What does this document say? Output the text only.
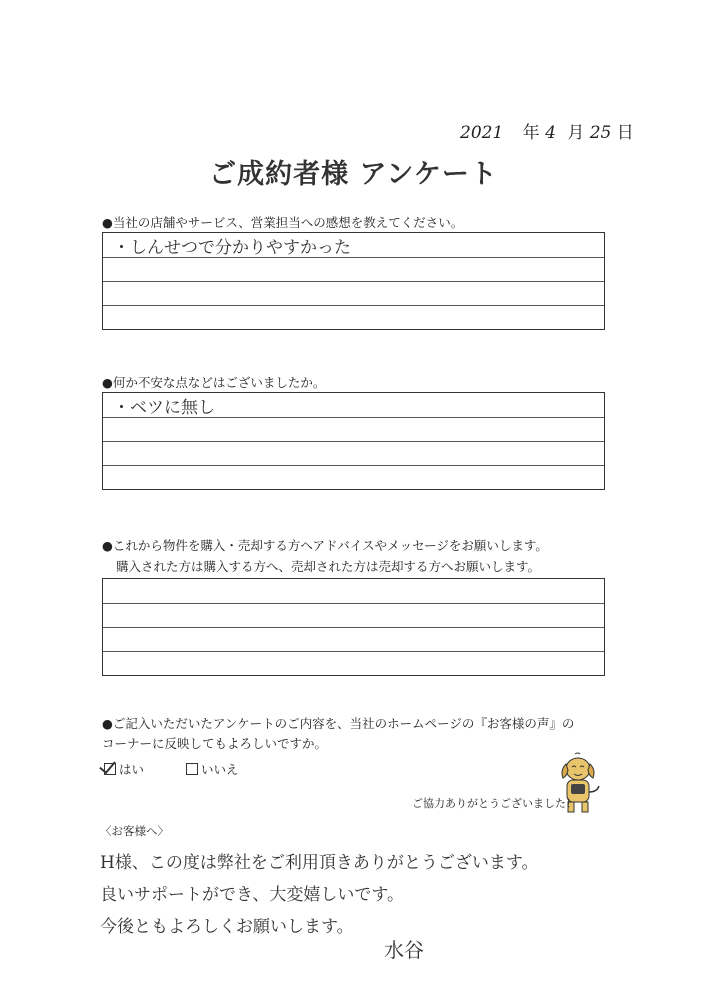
2021 年 4 月 25 日
ご成約者様 アンケート
●当社の店舗やサービス、営業担当への感想を教えてください。
・しんせつで分かりやすかった
●何か不安な点などはございましたか。
・ベツに無し
●これから物件を購入・売却する方へアドバイスやメッセージをお願いします。
購入された方は購入する方へ、売却された方は売却する方へお願いします。
●ご記入いただいたアンケートのご内容を、当社のホームページの『お客様の声』の
コーナーに反映してもよろしいですか。
はい	いいえ
ご協力ありがとうございました！
〈お客様へ〉
H様、この度は弊社をご利用頂きありがとうございます。
良いサポートができ、大変嬉しいです。
今後ともよろしくお願いします。
水谷
